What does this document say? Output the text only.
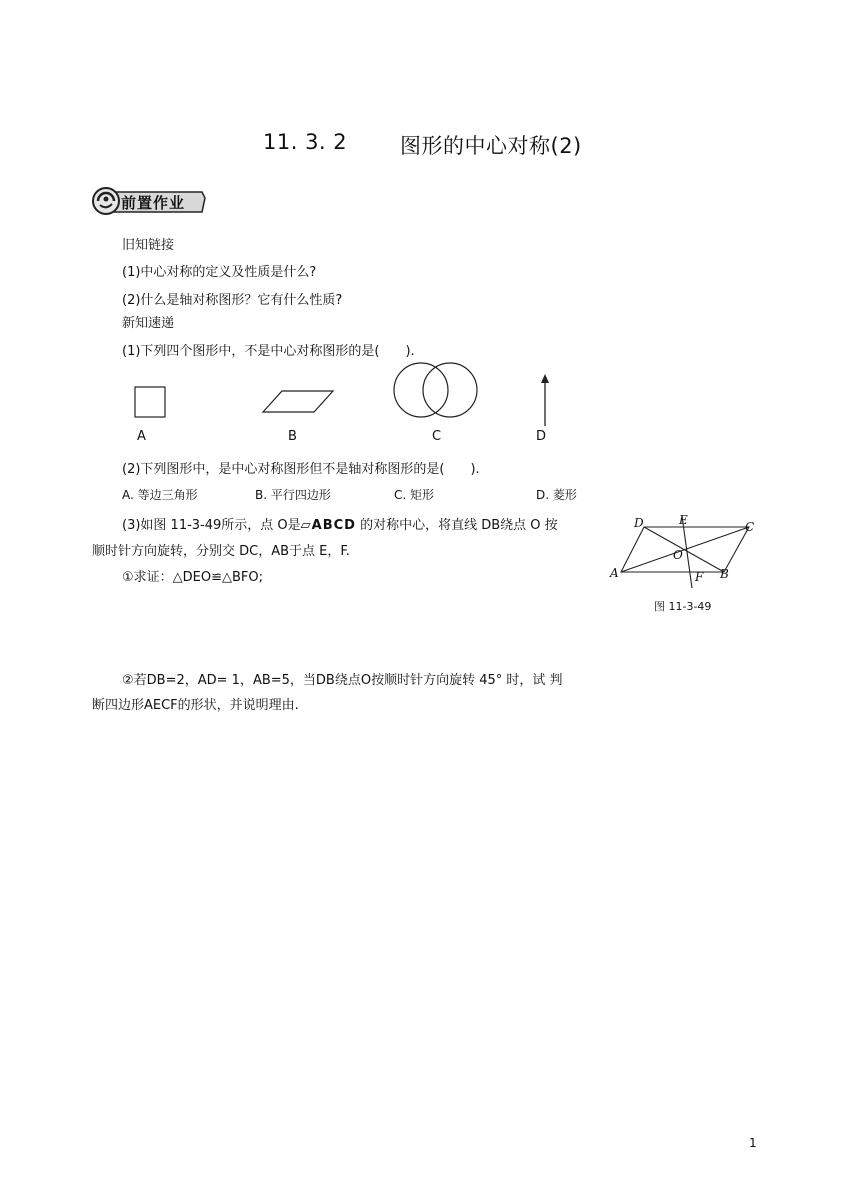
11. 3. 2	图形的中心对称(2)
前置作业
旧知链接
(1)中心对称的定义及性质是什么?
(2)什么是轴对称图形？它有什么性质?
新知速递
(1)下列四个图形中，不是中心对称图形的是(　　).
A	B	C	D
(2)下列图形中，是中心对称图形但不是轴对称图形的是(　　).
A. 等边三角形	B. 平行四边形	C. 矩形	D. 菱形
(3)如图 11-3-49所示，点 O是▱ABCD 的对称中心，将直线 DB绕点 O 按
顺时针方向旋转，分别交 DC，AB于点 E，F.
①求证：△DEO≌△BFO;
D	E	C
O
A	F B
图 11-3-49
②若DB=2，AD= 1，AB=5，当DB绕点O按顺时针方向旋转 45° 时，试 判
断四边形AECF的形状，并说明理由.
1
